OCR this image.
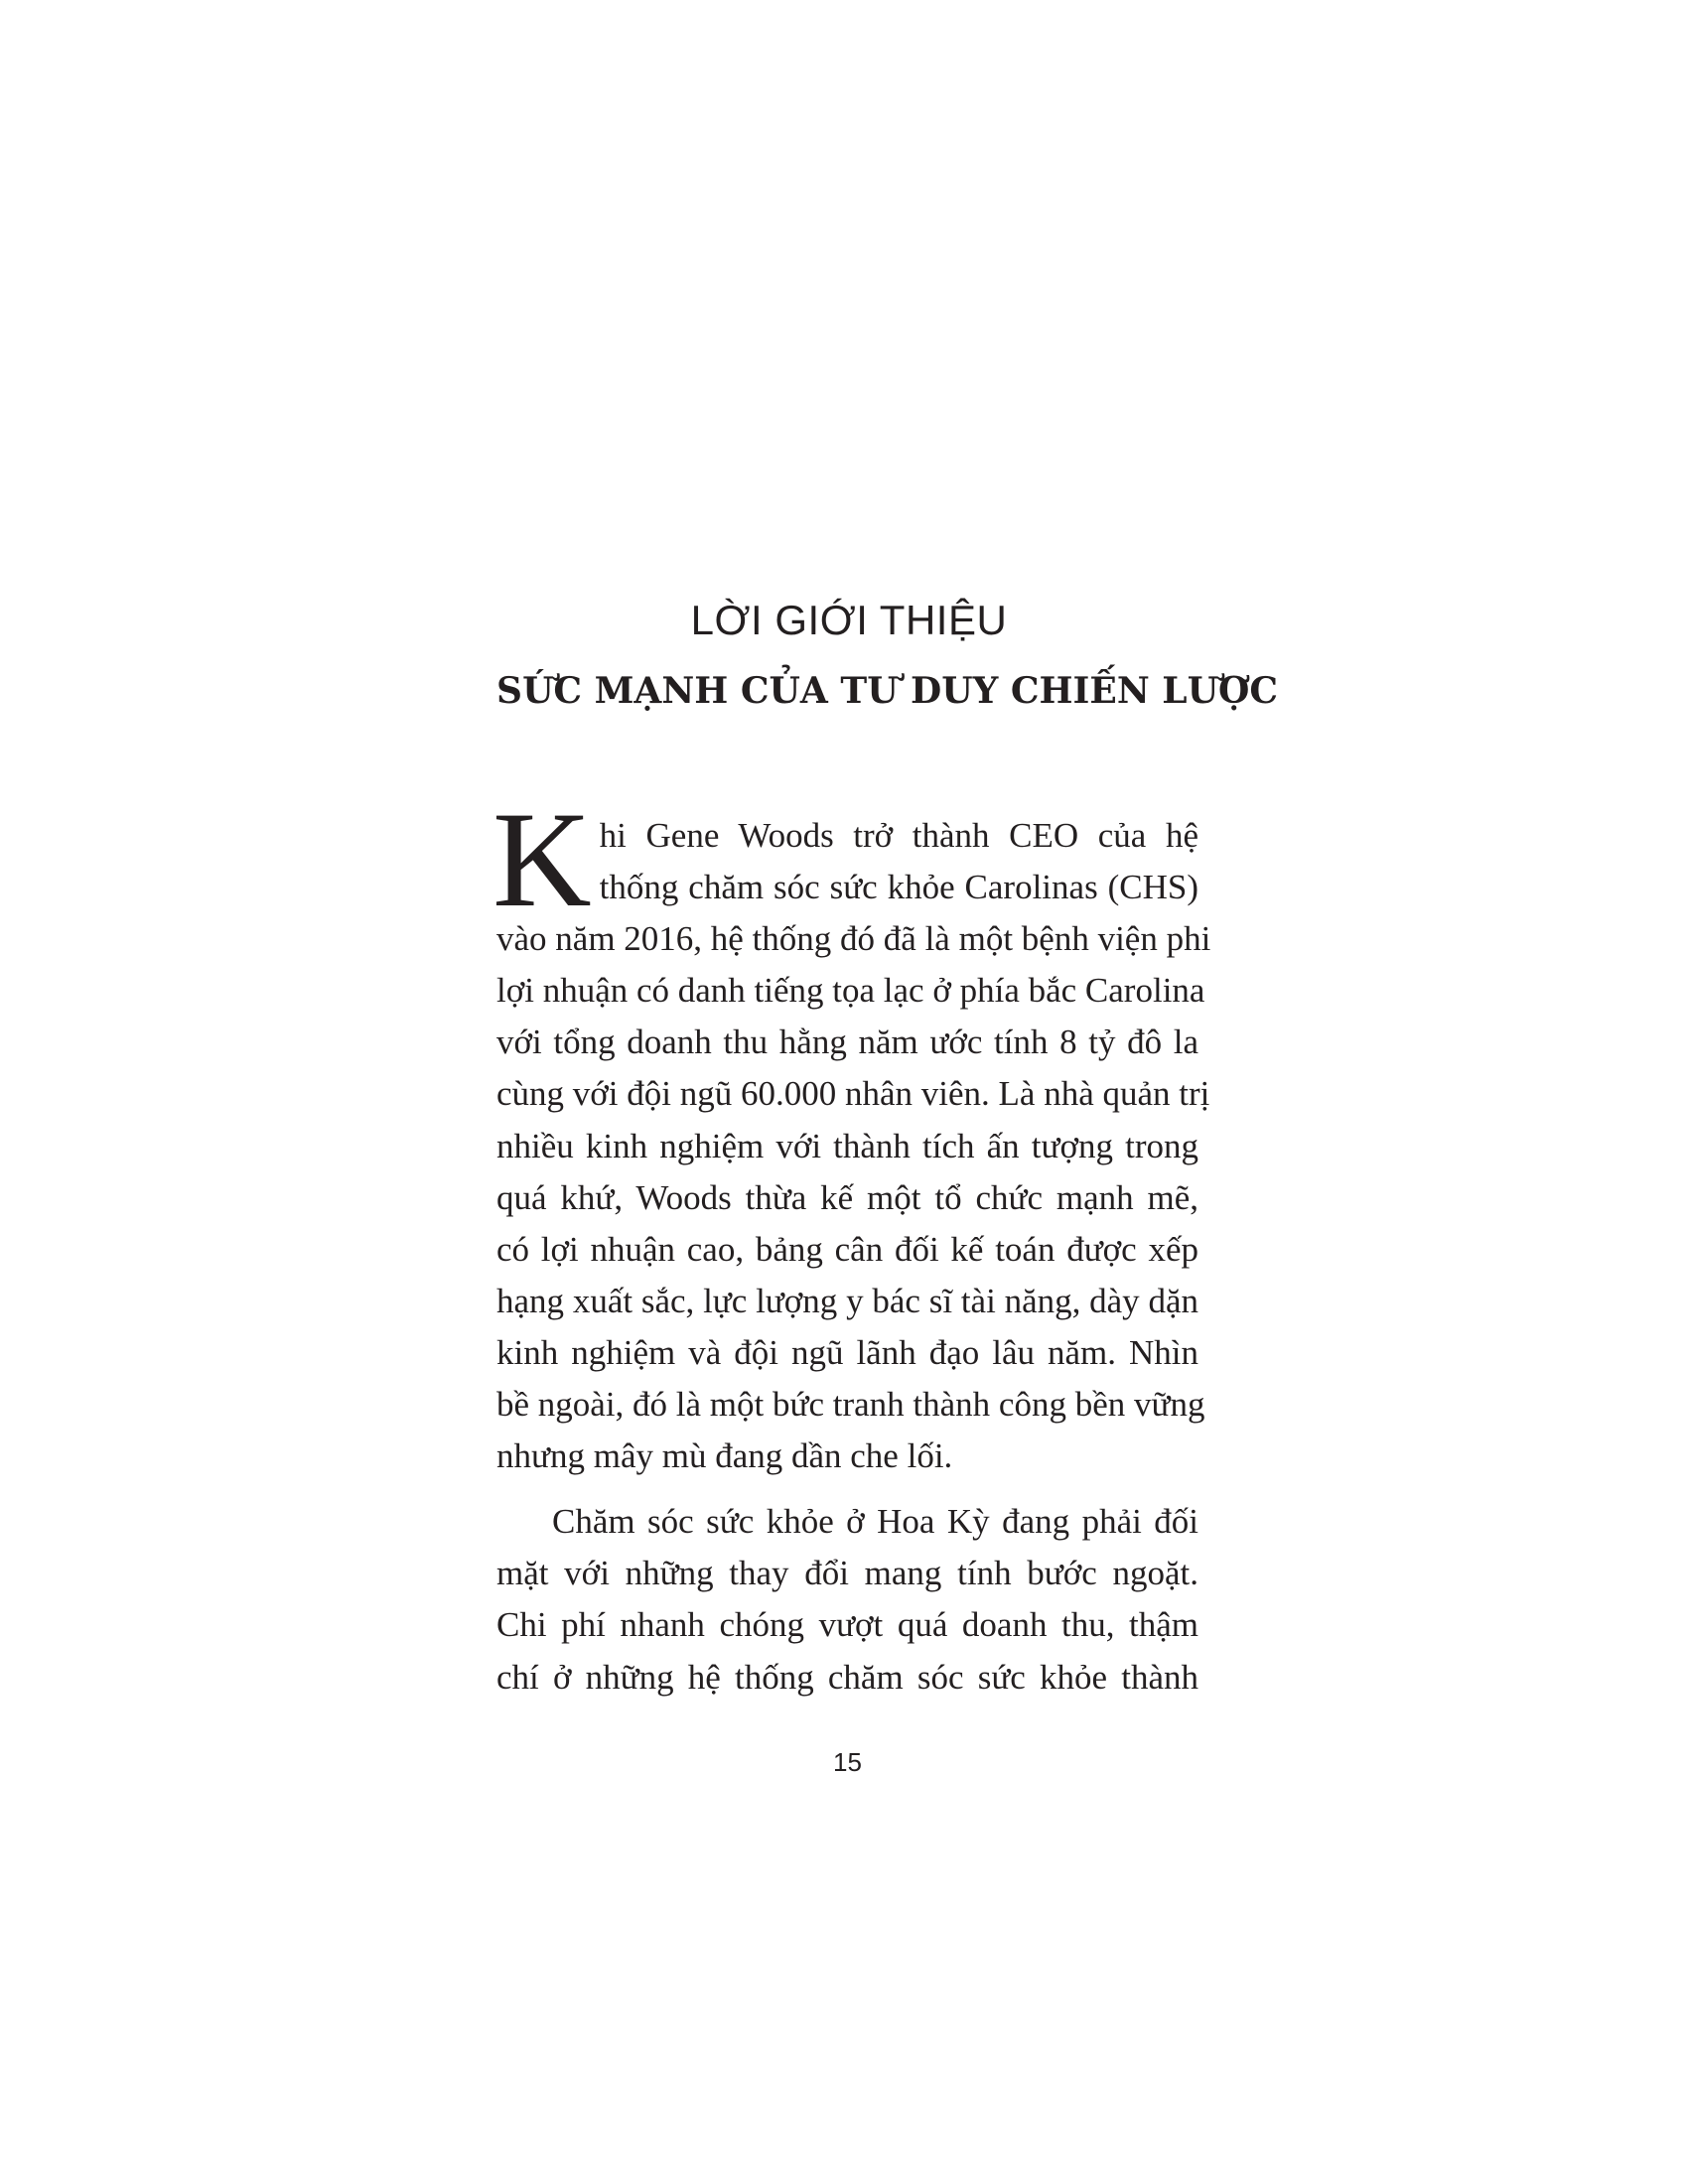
LỜI GIỚI THIỆU
SỨC MẠNH CỦA TƯ DUY CHIẾN LƯỢC

K hi Gene Woods trở thành CEO của hệ
thống chăm sóc sức khỏe Carolinas (CHS)
vào năm 2016, hệ thống đó đã là một bệnh viện phi
lợi nhuận có danh tiếng tọa lạc ở phía bắc Carolina
với tổng doanh thu hằng năm ước tính 8 tỷ đô la
cùng với đội ngũ 60.000 nhân viên. Là nhà quản trị
nhiều kinh nghiệm với thành tích ấn tượng trong
quá khứ, Woods thừa kế một tổ chức mạnh mẽ,
có lợi nhuận cao, bảng cân đối kế toán được xếp
hạng xuất sắc, lực lượng y bác sĩ tài năng, dày dặn
kinh nghiệm và đội ngũ lãnh đạo lâu năm. Nhìn
bề ngoài, đó là một bức tranh thành công bền vững
nhưng mây mù đang dần che lối.

Chăm sóc sức khỏe ở Hoa Kỳ đang phải đối
mặt với những thay đổi mang tính bước ngoặt.
Chi phí nhanh chóng vượt quá doanh thu, thậm
chí ở những hệ thống chăm sóc sức khỏe thành

15
